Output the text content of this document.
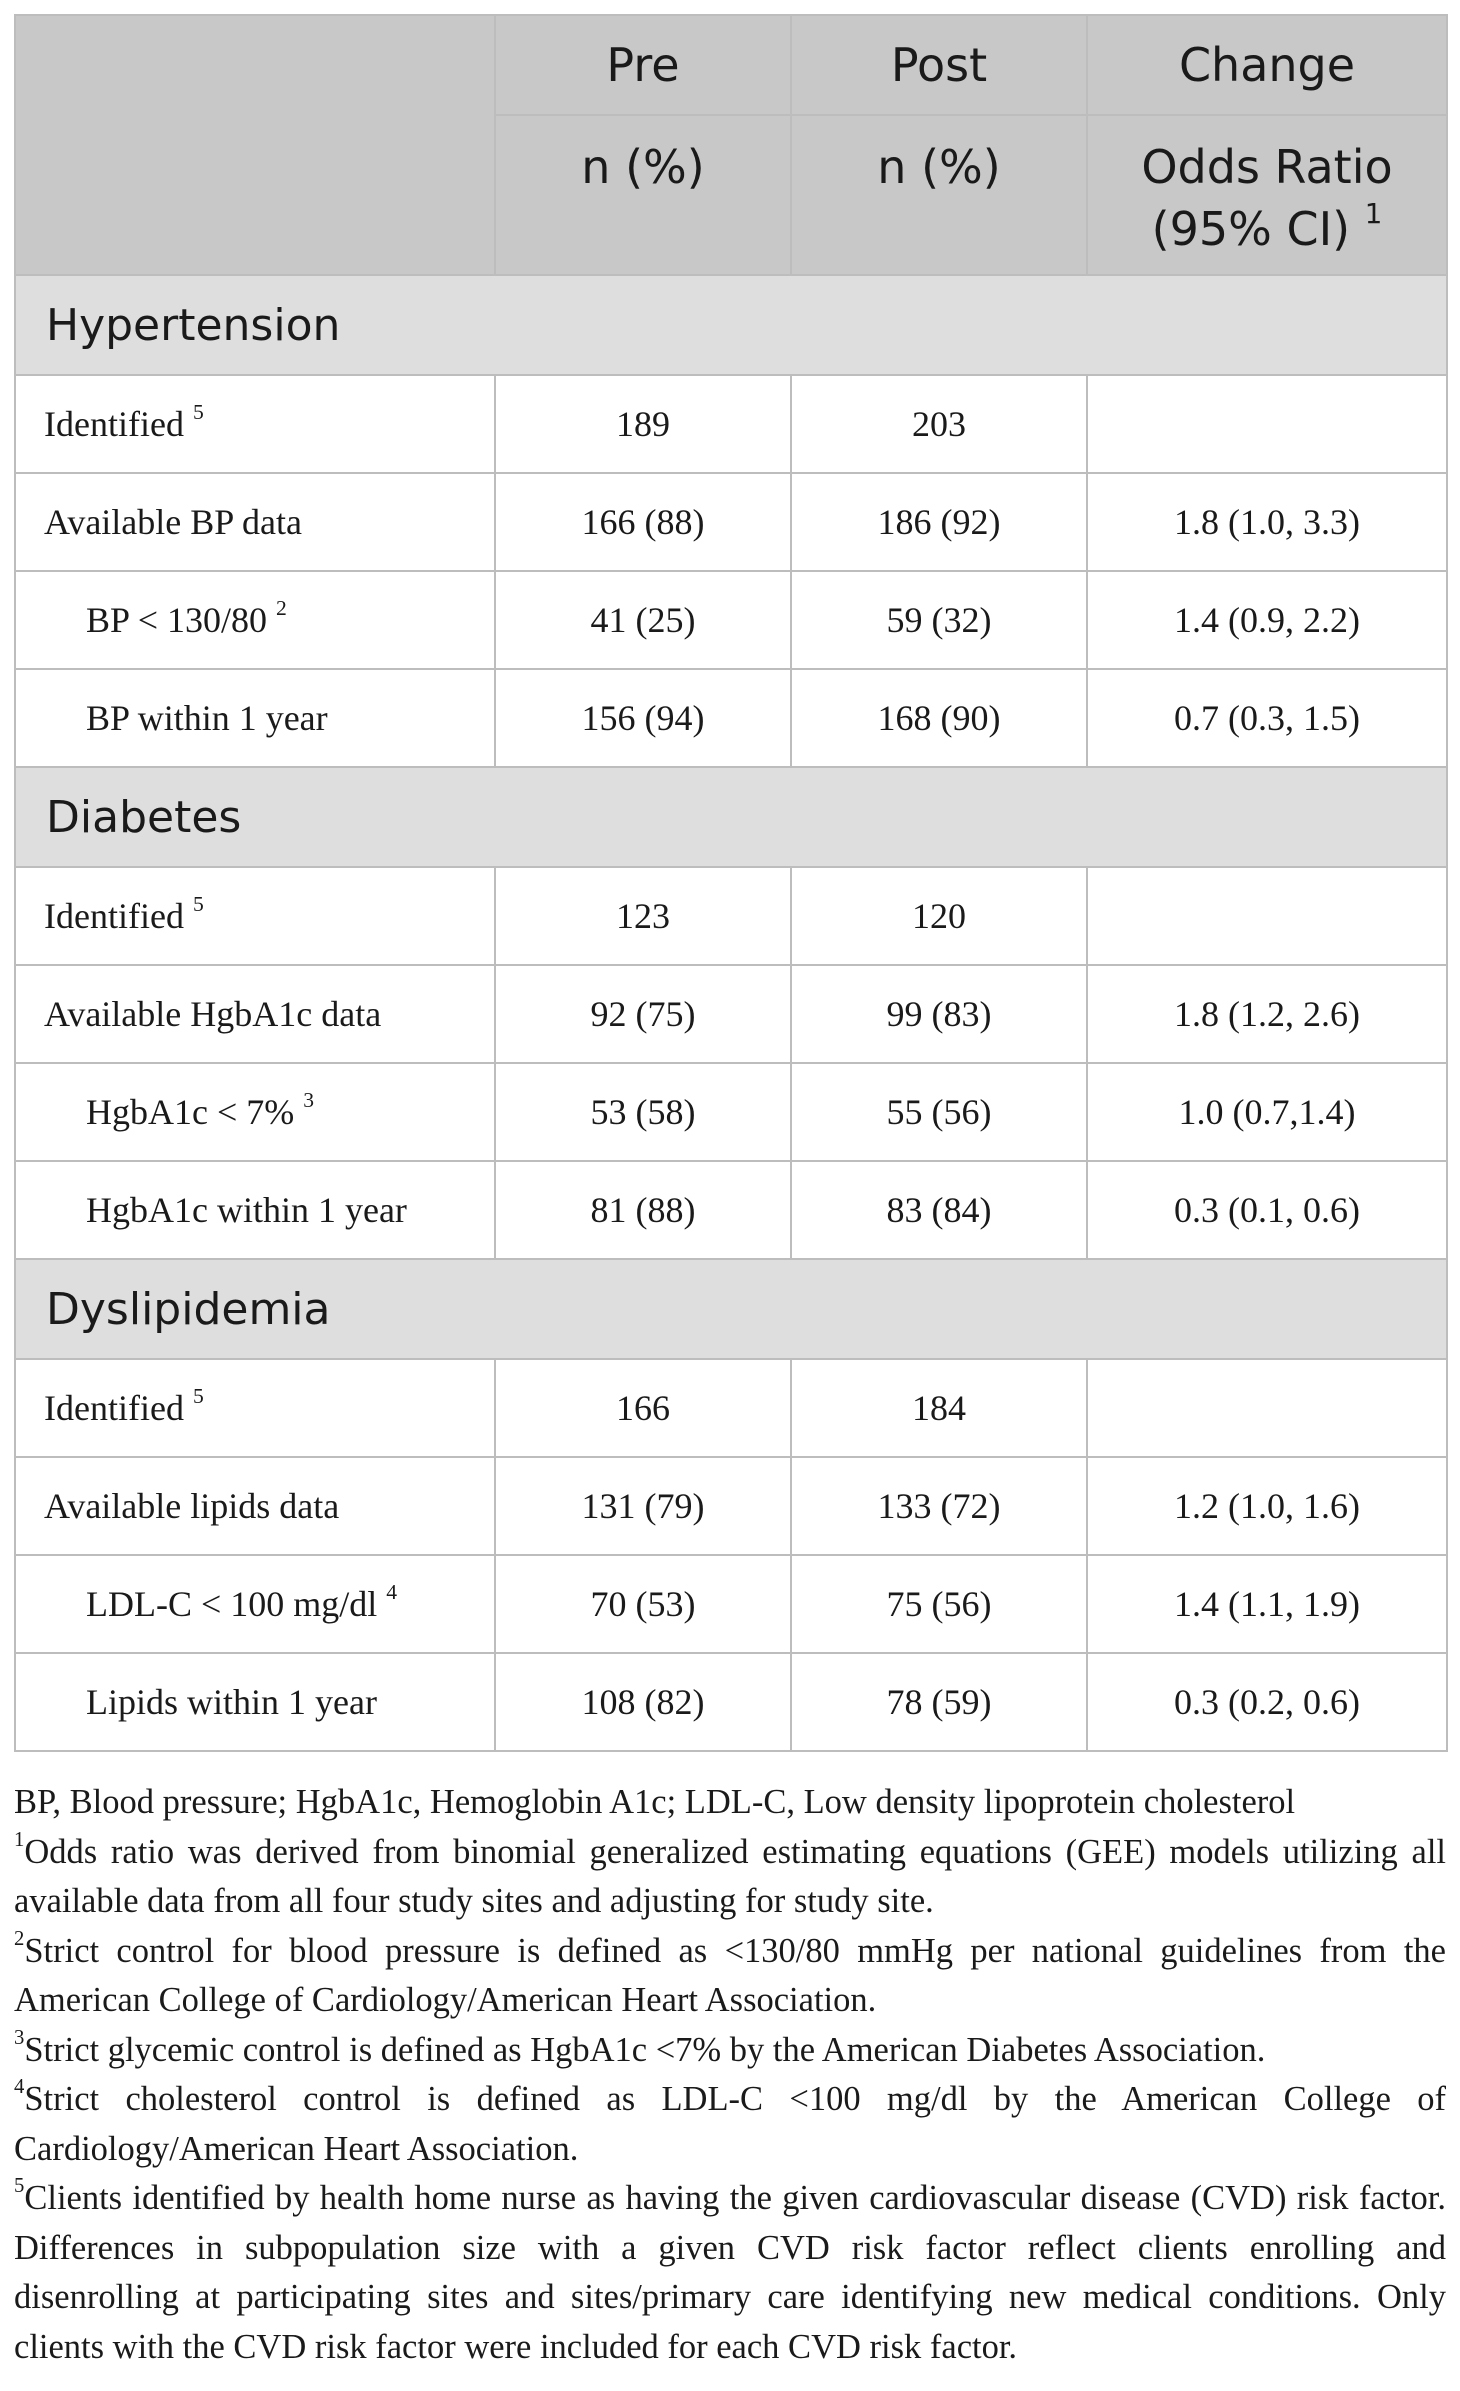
	Pre	Post	Change
	n (%)	n (%)	Odds Ratio
(95% CI) $^1$
Hypertension			
Identified $^5$	189	203	
Available BP data	166 (88)	186 (92)	1.8 (1.0, 3.3)
BP < 130/80 $^2$	41 (25)	59 (32)	1.4 (0.9, 2.2)
BP within 1 year	156 (94)	168 (90)	0.7 (0.3, 1.5)
Diabetes			
Identified $^5$	123	120	
Available HgbA1c data	92 (75)	99 (83)	1.8 (1.2, 2.6)
HgbA1c < 7% $^3$	53 (58)	55 (56)	1.0 (0.7,1.4)
HgbA1c within 1 year	81 (88)	83 (84)	0.3 (0.1, 0.6)
Dyslipidemia			
Identified $^5$	166	184	
Available lipids data	131 (79)	133 (72)	1.2 (1.0, 1.6)
LDL-C < 100 mg/dl $^4$	70 (53)	75 (56)	1.4 (1.1, 1.9)
Lipids within 1 year	108 (82)	78 (59)	0.3 (0.2, 0.6)

BP, Blood pressure; HgbA1c, Hemoglobin A1c; LDL-C, Low density lipoprotein cholesterol

$^1$Odds ratio was derived from binomial generalized estimating equations (GEE) models utilizing all available data from all four study sites and adjusting for study site.

$^2$Strict control for blood pressure is defined as <130/80 mmHg per national guidelines from the American College of Cardiology/American Heart Association.

$^3$Strict glycemic control is defined as HgbA1c <7% by the American Diabetes Association.

$^4$Strict cholesterol control is defined as LDL-C <100 mg/dl by the American College of Cardiology/American Heart Association.

$^5$Clients identified by health home nurse as having the given cardiovascular disease (CVD) risk factor. Differences in subpopulation size with a given CVD risk factor reflect clients enrolling and disenrolling at participating sites and sites/primary care identifying new medical conditions. Only clients with the CVD risk factor were included for each CVD risk factor.
